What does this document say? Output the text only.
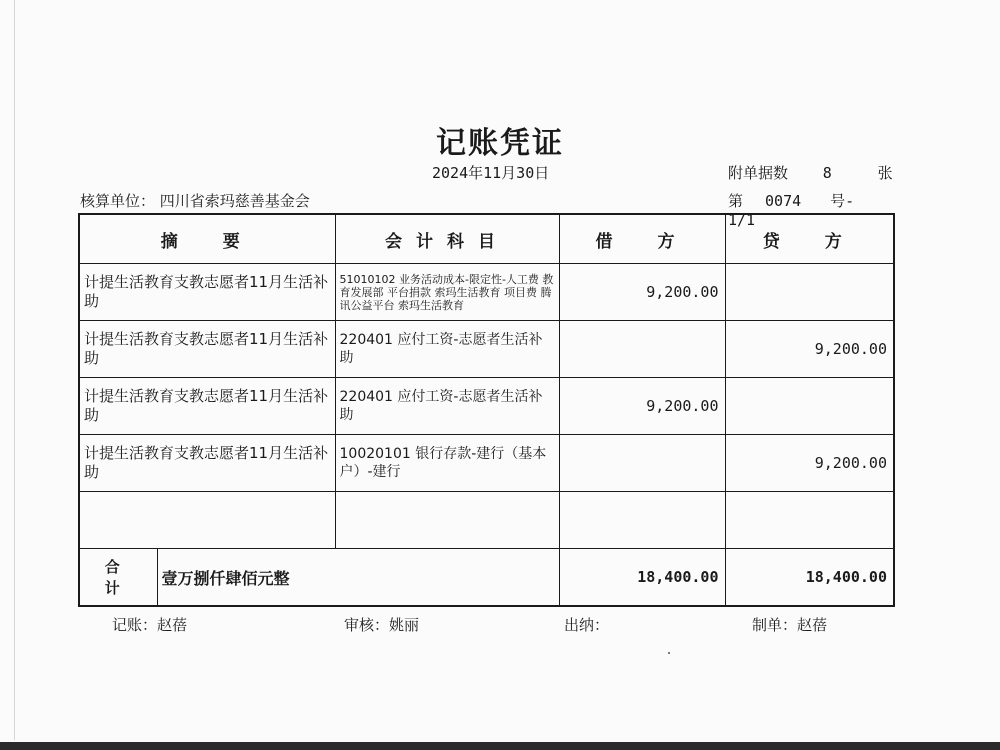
记账凭证
2024年11月30日	附单据数 8	张
核算单位： 四川省索玛慈善基金会	第 0074 号- 1/1
摘　要		会计科目	借　方	贷　方
计提生活教育支教志愿者11月生活补助		51010102 业务活动成本-限定性-人工费 教育发展部 平台捐款 索玛生活教育 项目费 腾讯公益平台 索玛生活教育	9,200.00	
计提生活教育支教志愿者11月生活补助		220401 应付工资-志愿者生活补助		9,200.00
计提生活教育支教志愿者11月生活补助		220401 应付工资-志愿者生活补助	9,200.00	
计提生活教育支教志愿者11月生活补助		10020101 银行存款-建行（基本户）-建行		9,200.00

合 计	壹万捌仟肆佰元整		18,400.00	18,400.00
记账：赵蓓	审核：姚丽	出纳：	制单：赵蓓
